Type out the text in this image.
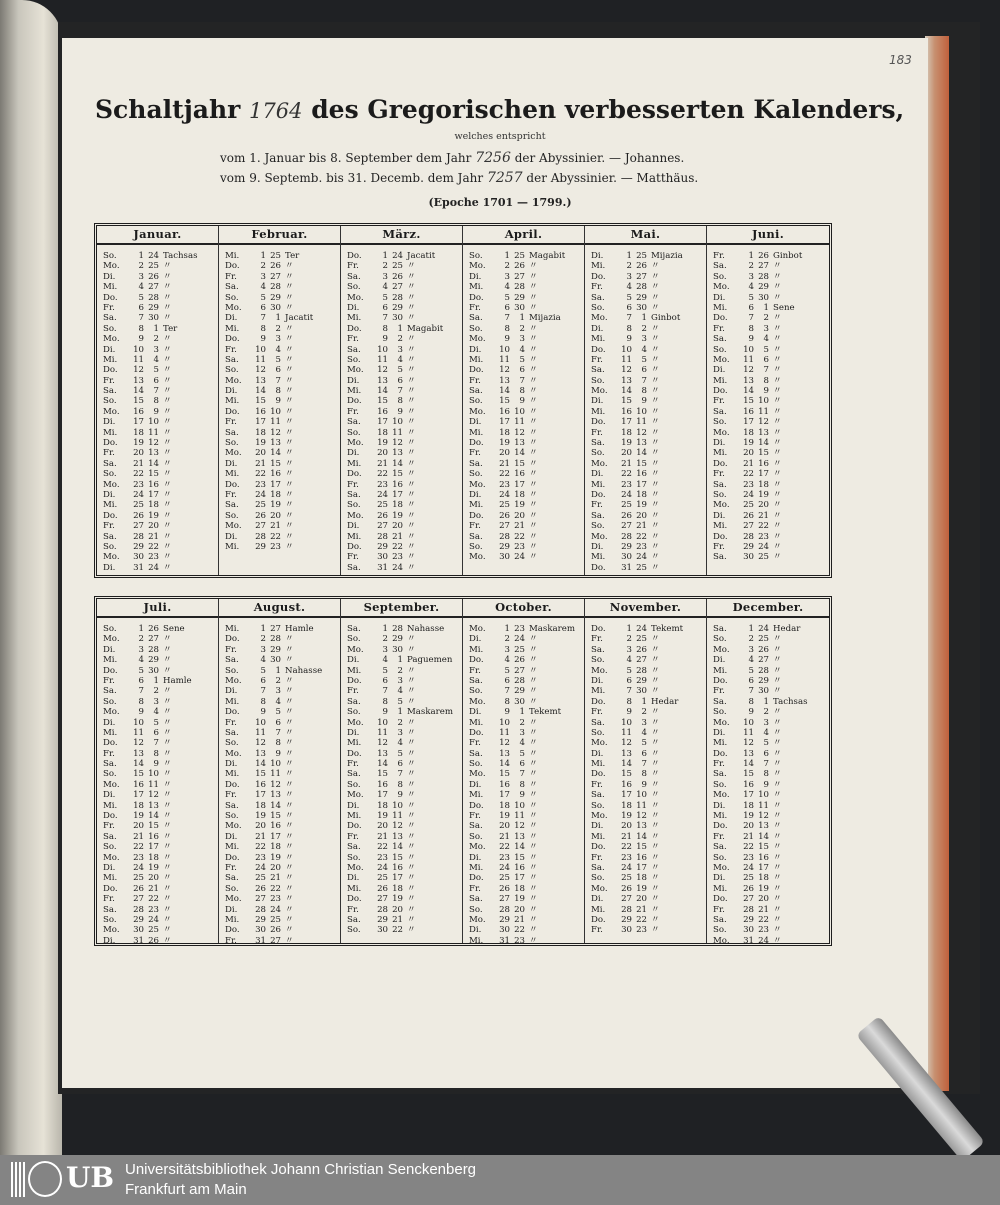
183
Schaltjahr 1764 des Gregorischen verbesserten Kalenders,
welches entspricht
vom 1. Januar bis 8. September dem Jahr 7256 der Abyssinier. — Johannes.
vom 9. Septemb. bis 31. Decemb. dem Jahr 7257 der Abyssinier. — Matthäus.
(Epoche 1701 — 1799.)
Januar.
So.	1 24 Tachsas
Mo.	2 25 〃
Di.	3 26 〃
Mi.	4 27 〃
Do.	5 28 〃
Fr.	6 29 〃
Sa.	7 30 〃
So.	8	1 Ter
Mo.	9	2 〃
Di.	10	3 〃
Mi.	11	4 〃
Do.	12	5 〃
Fr.	13	6 〃
Sa.	14	7 〃
So.	15	8 〃
Mo.	16	9 〃
Di.	17 10 〃
Mi.	18 11 〃
Do.	19 12 〃
Fr.	20 13 〃
Sa.	21 14 〃
So.	22 15 〃
Mo.	23 16 〃
Di.	24 17 〃
Mi.	25 18 〃
Do.	26 19 〃
Fr.	27 20 〃
Sa.	28 21 〃
So.	29 22 〃
Mo.	30 23 〃
Di.	31 24 〃
Februar.
Mi.	1 25 Ter
Do.	2 26 〃
Fr.	3 27 〃
Sa.	4 28 〃
So.	5 29 〃
Mo.	6 30 〃
Di.	7	1 Jacatit
Mi.	8	2 〃
Do.	9	3 〃
Fr.	10	4 〃
Sa.	11	5 〃
So.	12	6 〃
Mo.	13	7 〃
Di.	14	8 〃
Mi.	15	9 〃
Do.	16 10 〃
Fr.	17 11 〃
Sa.	18 12 〃
So.	19 13 〃
Mo.	20 14 〃
Di.	21 15 〃
Mi.	22 16 〃
Do.	23 17 〃
Fr.	24 18 〃
Sa.	25 19 〃
So.	26 20 〃
Mo.	27 21 〃
Di.	28 22 〃
Mi.	29 23 〃
März.
Do.	1 24 Jacatit
Fr.	2 25 〃
Sa.	3 26 〃
So.	4 27 〃
Mo.	5 28 〃
Di.	6 29 〃
Mi.	7 30 〃
Do.	8	1 Magabit
Fr.	9	2 〃
Sa.	10	3 〃
So.	11	4 〃
Mo.	12	5 〃
Di.	13	6 〃
Mi.	14	7 〃
Do.	15	8 〃
Fr.	16	9 〃
Sa.	17 10 〃
So.	18 11 〃
Mo.	19 12 〃
Di.	20 13 〃
Mi.	21 14 〃
Do.	22 15 〃
Fr.	23 16 〃
Sa.	24 17 〃
So.	25 18 〃
Mo.	26 19 〃
Di.	27 20 〃
Mi.	28 21 〃
Do.	29 22 〃
Fr.	30 23 〃
Sa.	31 24 〃
April.
So.	1 25 Magabit
Mo.	2 26 〃
Di.	3 27 〃
Mi.	4 28 〃
Do.	5 29 〃
Fr.	6 30 〃
Sa.	7	1 Mijazia
So.	8	2 〃
Mo.	9	3 〃
Di.	10	4 〃
Mi.	11	5 〃
Do.	12	6 〃
Fr.	13	7 〃
Sa.	14	8 〃
So.	15	9 〃
Mo.	16 10 〃
Di.	17 11 〃
Mi.	18 12 〃
Do.	19 13 〃
Fr.	20 14 〃
Sa.	21 15 〃
So.	22 16 〃
Mo.	23 17 〃
Di.	24 18 〃
Mi.	25 19 〃
Do.	26 20 〃
Fr.	27 21 〃
Sa.	28 22 〃
So.	29 23 〃
Mo.	30 24 〃
Mai.
Di.	1 25 Mijazia
Mi.	2 26 〃
Do.	3 27 〃
Fr.	4 28 〃
Sa.	5 29 〃
So.	6 30 〃
Mo.	7	1 Ginbot
Di.	8	2 〃
Mi.	9	3 〃
Do.	10	4 〃
Fr.	11	5 〃
Sa.	12	6 〃
So.	13	7 〃
Mo.	14	8 〃
Di.	15	9 〃
Mi.	16 10 〃
Do.	17 11 〃
Fr.	18 12 〃
Sa.	19 13 〃
So.	20 14 〃
Mo.	21 15 〃
Di.	22 16 〃
Mi.	23 17 〃
Do.	24 18 〃
Fr.	25 19 〃
Sa.	26 20 〃
So.	27 21 〃
Mo.	28 22 〃
Di.	29 23 〃
Mi.	30 24 〃
Do.	31 25 〃
Juni.
Fr.	1 26 Ginbot
Sa.	2 27 〃
So.	3 28 〃
Mo.	4 29 〃
Di.	5 30 〃
Mi.	6	1 Sene
Do.	7	2 〃
Fr.	8	3 〃
Sa.	9	4 〃
So.	10	5 〃
Mo.	11	6 〃
Di.	12	7 〃
Mi.	13	8 〃
Do.	14	9 〃
Fr.	15 10 〃
Sa.	16 11 〃
So.	17 12 〃
Mo.	18 13 〃
Di.	19 14 〃
Mi.	20 15 〃
Do.	21 16 〃
Fr.	22 17 〃
Sa.	23 18 〃
So.	24 19 〃
Mo.	25 20 〃
Di.	26 21 〃
Mi.	27 22 〃
Do.	28 23 〃
Fr.	29 24 〃
Sa.	30 25 〃
Juli.
So.	1 26 Sene
Mo.	2 27 〃
Di.	3 28 〃
Mi.	4 29 〃
Do.	5 30 〃
Fr.	6	1 Hamle
Sa.	7	2 〃
So.	8	3 〃
Mo.	9	4 〃
Di.	10	5 〃
Mi.	11	6 〃
Do.	12	7 〃
Fr.	13	8 〃
Sa.	14	9 〃
So.	15 10 〃
Mo.	16 11 〃
Di.	17 12 〃
Mi.	18 13 〃
Do.	19 14 〃
Fr.	20 15 〃
Sa.	21 16 〃
So.	22 17 〃
Mo.	23 18 〃
Di.	24 19 〃
Mi.	25 20 〃
Do.	26 21 〃
Fr.	27 22 〃
Sa.	28 23 〃
So.	29 24 〃
Mo.	30 25 〃
Di.	31 26 〃
August.
Mi.	1 27 Hamle
Do.	2 28 〃
Fr.	3 29 〃
Sa.	4 30 〃
So.	5	1 Nahasse
Mo.	6	2 〃
Di.	7	3 〃
Mi.	8	4 〃
Do.	9	5 〃
Fr.	10	6 〃
Sa.	11	7 〃
So.	12	8 〃
Mo.	13	9 〃
Di.	14 10 〃
Mi.	15 11 〃
Do.	16 12 〃
Fr.	17 13 〃
Sa.	18 14 〃
So.	19 15 〃
Mo.	20 16 〃
Di.	21 17 〃
Mi.	22 18 〃
Do.	23 19 〃
Fr.	24 20 〃
Sa.	25 21 〃
So.	26 22 〃
Mo.	27 23 〃
Di.	28 24 〃
Mi.	29 25 〃
Do.	30 26 〃
Fr.	31 27 〃
September.
Sa.	1 28 Nahasse
So.	2 29 〃
Mo.	3 30 〃
Di.	4	1 Paguemen
Mi.	5	2 〃
Do.	6	3 〃
Fr.	7	4 〃
Sa.	8	5 〃
So.	9	1 Maskarem
Mo.	10	2 〃
Di.	11	3 〃
Mi.	12	4 〃
Do.	13	5 〃
Fr.	14	6 〃
Sa.	15	7 〃
So.	16	8 〃
Mo.	17	9 〃
Di.	18 10 〃
Mi.	19 11 〃
Do.	20 12 〃
Fr.	21 13 〃
Sa.	22 14 〃
So.	23 15 〃
Mo.	24 16 〃
Di.	25 17 〃
Mi.	26 18 〃
Do.	27 19 〃
Fr.	28 20 〃
Sa.	29 21 〃
So.	30 22 〃
October.
Mo.	1 23 Maskarem
Di.	2 24 〃
Mi.	3 25 〃
Do.	4 26 〃
Fr.	5 27 〃
Sa.	6 28 〃
So.	7 29 〃
Mo.	8 30 〃
Di.	9	1 Tekemt
Mi.	10	2 〃
Do.	11	3 〃
Fr.	12	4 〃
Sa.	13	5 〃
So.	14	6 〃
Mo.	15	7 〃
Di.	16	8 〃
Mi.	17	9 〃
Do.	18 10 〃
Fr.	19 11 〃
Sa.	20 12 〃
So.	21 13 〃
Mo.	22 14 〃
Di.	23 15 〃
Mi.	24 16 〃
Do.	25 17 〃
Fr.	26 18 〃
Sa.	27 19 〃
So.	28 20 〃
Mo.	29 21 〃
Di.	30 22 〃
Mi.	31 23 〃
November.
Do.	1 24 Tekemt
Fr.	2 25 〃
Sa.	3 26 〃
So.	4 27 〃
Mo.	5 28 〃
Di.	6 29 〃
Mi.	7 30 〃
Do.	8	1 Hedar
Fr.	9	2 〃
Sa.	10	3 〃
So.	11	4 〃
Mo.	12	5 〃
Di.	13	6 〃
Mi.	14	7 〃
Do.	15	8 〃
Fr.	16	9 〃
Sa.	17 10 〃
So.	18 11 〃
Mo.	19 12 〃
Di.	20 13 〃
Mi.	21 14 〃
Do.	22 15 〃
Fr.	23 16 〃
Sa.	24 17 〃
So.	25 18 〃
Mo.	26 19 〃
Di.	27 20 〃
Mi.	28 21 〃
Do.	29 22 〃
Fr.	30 23 〃
December.
Sa.	1 24 Hedar
So.	2 25 〃
Mo.	3 26 〃
Di.	4 27 〃
Mi.	5 28 〃
Do.	6 29 〃
Fr.	7 30 〃
Sa.	8	1 Tachsas
So.	9	2 〃
Mo.	10	3 〃
Di.	11	4 〃
Mi.	12	5 〃
Do.	13	6 〃
Fr.	14	7 〃
Sa.	15	8 〃
So.	16	9 〃
Mo.	17 10 〃
Di.	18 11 〃
Mi.	19 12 〃
Do.	20 13 〃
Fr.	21 14 〃
Sa.	22 15 〃
So.	23 16 〃
Mo.	24 17 〃
Di.	25 18 〃
Mi.	26 19 〃
Do.	27 20 〃
Fr.	28 21 〃
Sa.	29 22 〃
So.	30 23 〃
Mo.	31 24 〃
UB Universitätsbibliothek Johann Christian Senckenberg
Frankfurt am Main
